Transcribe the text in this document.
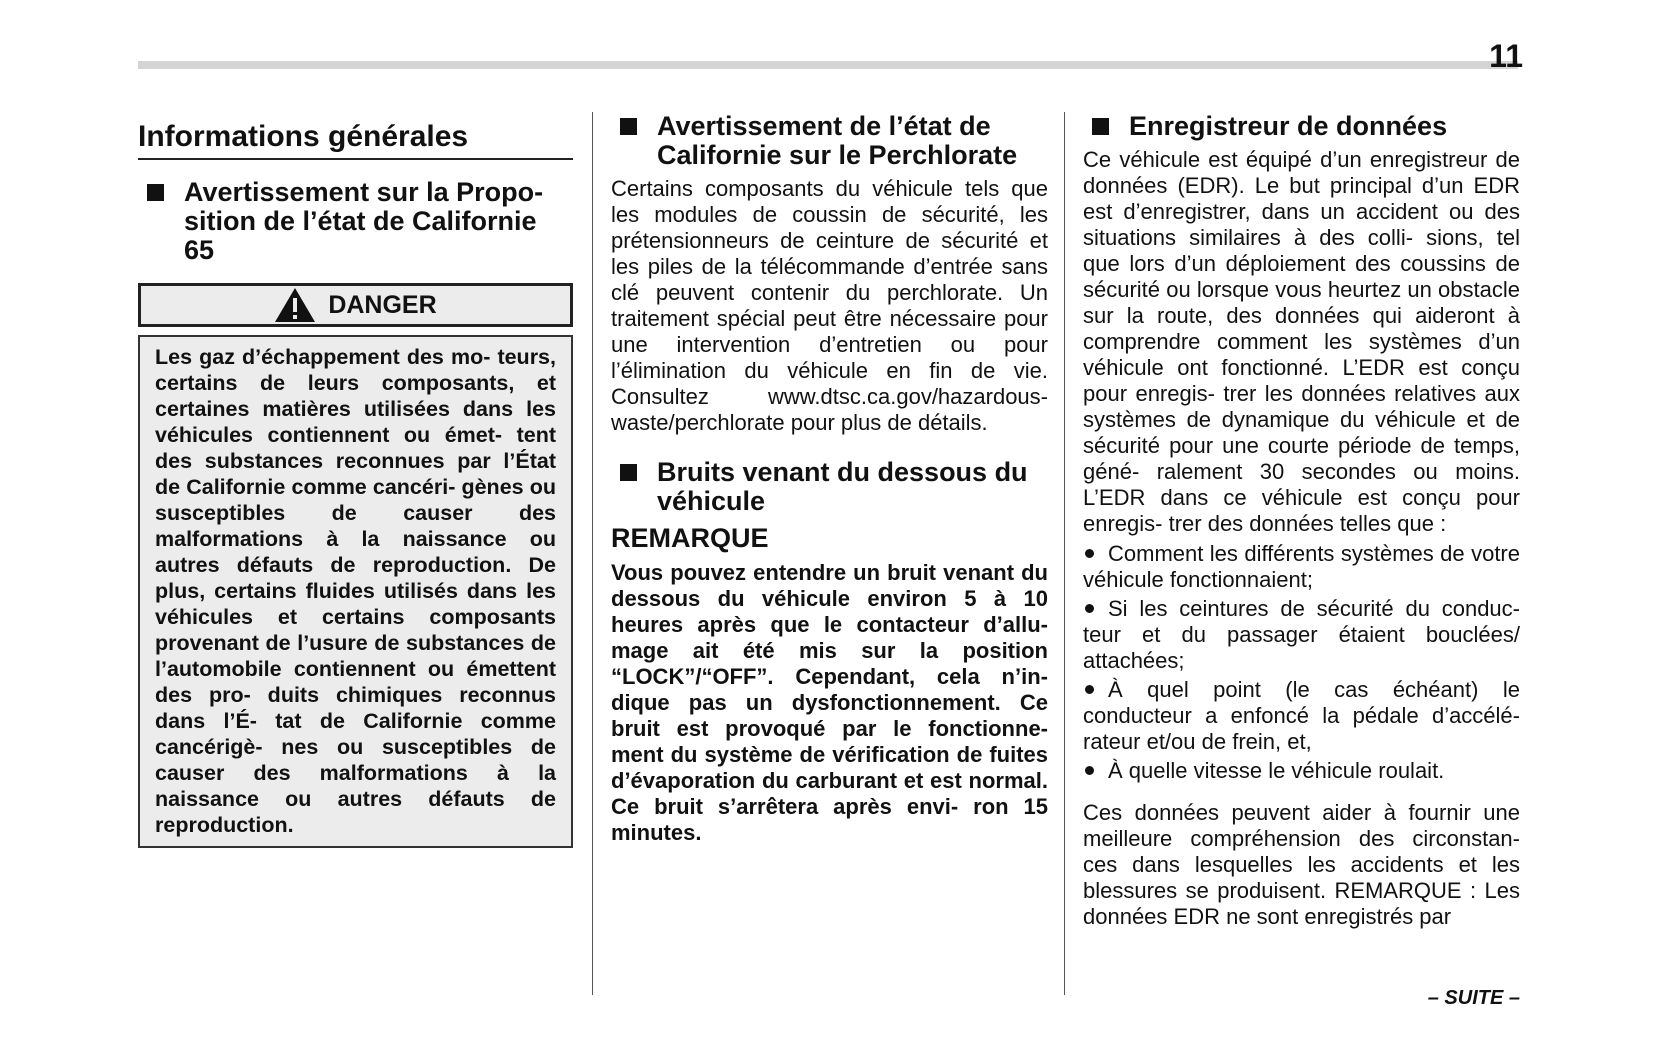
11
Informations générales
Avertissement sur la Propo- sition de l’état de Californie 65
DANGER
Les gaz d’échappement des mo- teurs, certains de leurs composants, et certaines matières utilisées dans les véhicules contiennent ou émet- tent des substances reconnues par l’État de Californie comme cancéri- gènes ou susceptibles de causer des malformations à la naissance ou autres défauts de reproduction. De plus, certains fluides utilisés dans les véhicules et certains composants provenant de l’usure de substances de l’automobile contiennent ou émettent des pro- duits chimiques reconnus dans l’É- tat de Californie comme cancérigè- nes ou susceptibles de causer des malformations à la naissance ou autres défauts de reproduction.
Avertissement de l’état de Californie sur le Perchlorate

Certains composants du véhicule tels que les modules de coussin de sécurité, les prétensionneurs de ceinture de sécurité et les piles de la télécommande d’entrée sans clé peuvent contenir du perchlorate. Un traitement spécial peut être nécessaire pour une intervention d’entretien ou pour l’élimination du véhicule en fin de vie. Consultez www.dtsc.ca.gov/hazardous- waste/perchlorate pour plus de détails.

Bruits venant du dessous du véhicule
REMARQUE

Vous pouvez entendre un bruit venant du dessous du véhicule environ 5 à 10 heures après que le contacteur d’allu- mage ait été mis sur la position “LOCK”/“OFF”. Cependant, cela n’in- dique pas un dysfonctionnement. Ce bruit est provoqué par le fonctionne- ment du système de vérification de fuites d’évaporation du carburant et est normal. Ce bruit s’arrêtera après envi- ron 15 minutes.

Enregistreur de données

Ce véhicule est équipé d’un enregistreur de données (EDR). Le but principal d’un EDR est d’enregistrer, dans un accident ou des situations similaires à des colli- sions, tel que lors d’un déploiement des coussins de sécurité ou lorsque vous heurtez un obstacle sur la route, des données qui aideront à comprendre comment les systèmes d’un véhicule ont fonctionné. L’EDR est conçu pour enregis- trer les données relatives aux systèmes de dynamique du véhicule et de sécurité pour une courte période de temps, géné- ralement 30 secondes ou moins. L’EDR dans ce véhicule est conçu pour enregis- trer des données telles que :

Comment les différents systèmes de votre véhicule fonctionnaient;
Si les ceintures de sécurité du conduc- teur et du passager étaient bouclées/ attachées;
À quel point (le cas échéant) le conducteur a enfoncé la pédale d’accélé- rateur et/ou de frein, et,
À quelle vitesse le véhicule roulait.

Ces données peuvent aider à fournir une meilleure compréhension des circonstan- ces dans lesquelles les accidents et les blessures se produisent. REMARQUE : Les données EDR ne sont enregistrés par

– SUITE –
